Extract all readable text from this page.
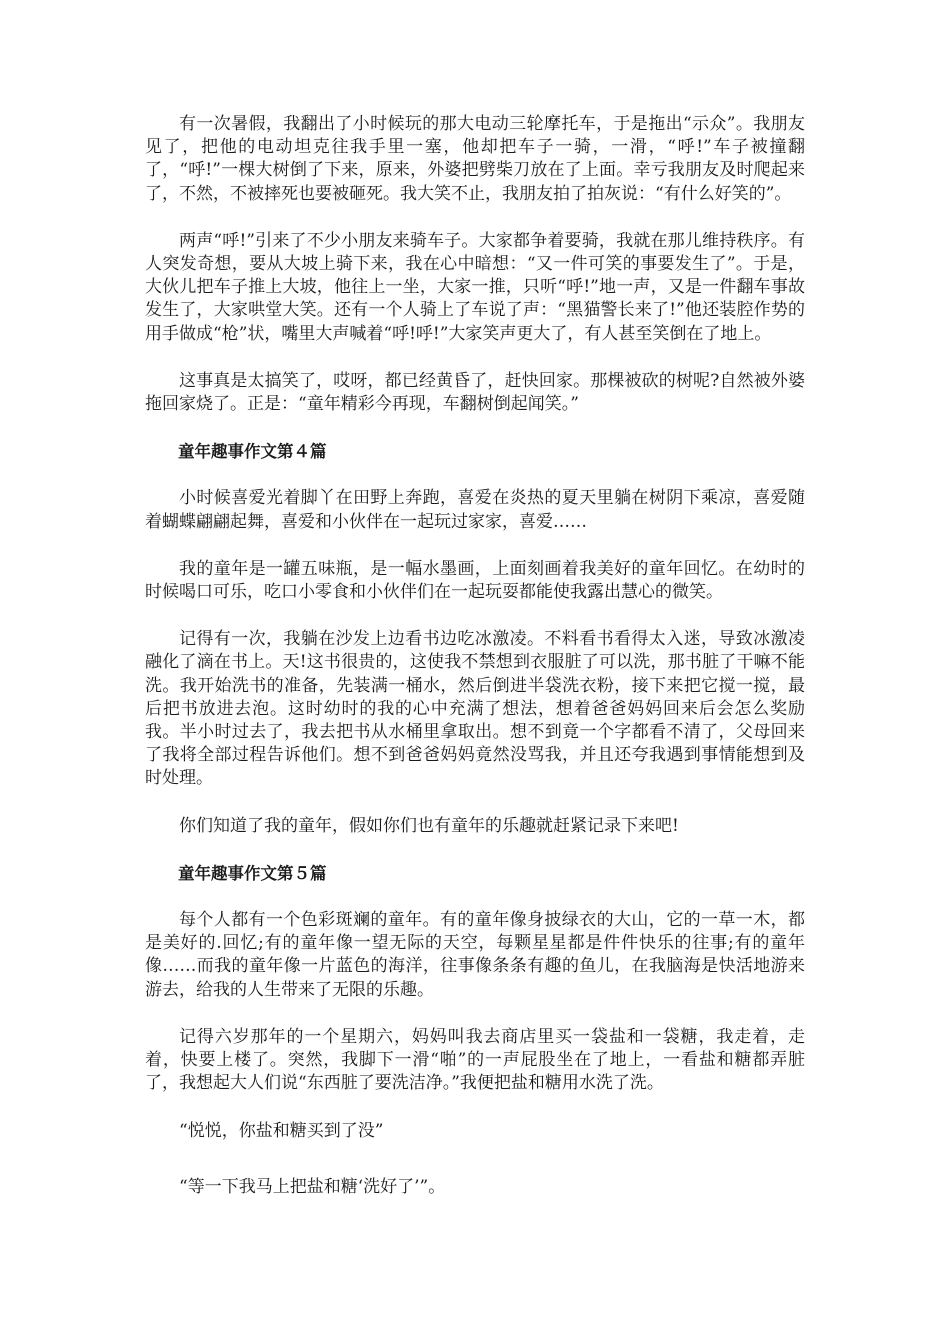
有一次暑假，我翻出了小时候玩的那大电动三轮摩托车，于是拖出“示众”。我朋友见了，把他的电动坦克往我手里一塞，他却把车子一骑，一滑，“呼!”车子被撞翻了，“呼!”一棵大树倒了下来，原来，外婆把劈柴刀放在了上面。幸亏我朋友及时爬起来了，不然，不被摔死也要被砸死。我大笑不止，我朋友拍了拍灰说：“有什么好笑的”。

两声“呼!”引来了不少小朋友来骑车子。大家都争着要骑，我就在那儿维持秩序。有人突发奇想，要从大坡上骑下来，我在心中暗想：“又一件可笑的事要发生了”。于是，大伙儿把车子推上大坡，他往上一坐，大家一推，只听“呼!”地一声，又是一件翻车事故发生了，大家哄堂大笑。还有一个人骑上了车说了声：“黑猫警长来了!”他还装腔作势的用手做成“枪”状，嘴里大声喊着“呼!呼!”大家笑声更大了，有人甚至笑倒在了地上。

这事真是太搞笑了，哎呀，都已经黄昏了，赶快回家。那棵被砍的树呢?自然被外婆拖回家烧了。正是：“童年精彩今再现，车翻树倒起闻笑。”

童年趣事作文第４篇

小时候喜爱光着脚丫在田野上奔跑，喜爱在炎热的夏天里躺在树阴下乘凉，喜爱随着蝴蝶翩翩起舞，喜爱和小伙伴在一起玩过家家，喜爱……

我的童年是一罐五味瓶，是一幅水墨画，上面刻画着我美好的童年回忆。在幼时的时候喝口可乐，吃口小零食和小伙伴们在一起玩耍都能使我露出慧心的微笑。

记得有一次，我躺在沙发上边看书边吃冰激凌。不料看书看得太入迷，导致冰激凌融化了滴在书上。天!这书很贵的，这使我不禁想到衣服脏了可以洗，那书脏了干嘛不能洗。我开始洗书的准备，先装满一桶水，然后倒进半袋洗衣粉，接下来把它搅一搅，最后把书放进去泡。这时幼时的我的心中充满了想法，想着爸爸妈妈回来后会怎么奖励我。半小时过去了，我去把书从水桶里拿取出。想不到竟一个字都看不清了，父母回来了我将全部过程告诉他们。想不到爸爸妈妈竟然没骂我，并且还夸我遇到事情能想到及时处理。

你们知道了我的童年，假如你们也有童年的乐趣就赶紧记录下来吧!

童年趣事作文第５篇

每个人都有一个色彩斑斓的童年。有的童年像身披绿衣的大山，它的一草一木，都是美好的.回忆;有的童年像一望无际的天空，每颗星星都是件件快乐的往事;有的童年像……而我的童年像一片蓝色的海洋，往事像条条有趣的鱼儿，在我脑海是快活地游来游去，给我的人生带来了无限的乐趣。

记得六岁那年的一个星期六，妈妈叫我去商店里买一袋盐和一袋糖，我走着，走着，快要上楼了。突然，我脚下一滑“啪”的一声屁股坐在了地上，一看盐和糖都弄脏了，我想起大人们说“东西脏了要洗洁净。”我便把盐和糖用水洗了洗。

“悦悦，你盐和糖买到了没”

“等一下我马上把盐和糖‘洗好了’”。
